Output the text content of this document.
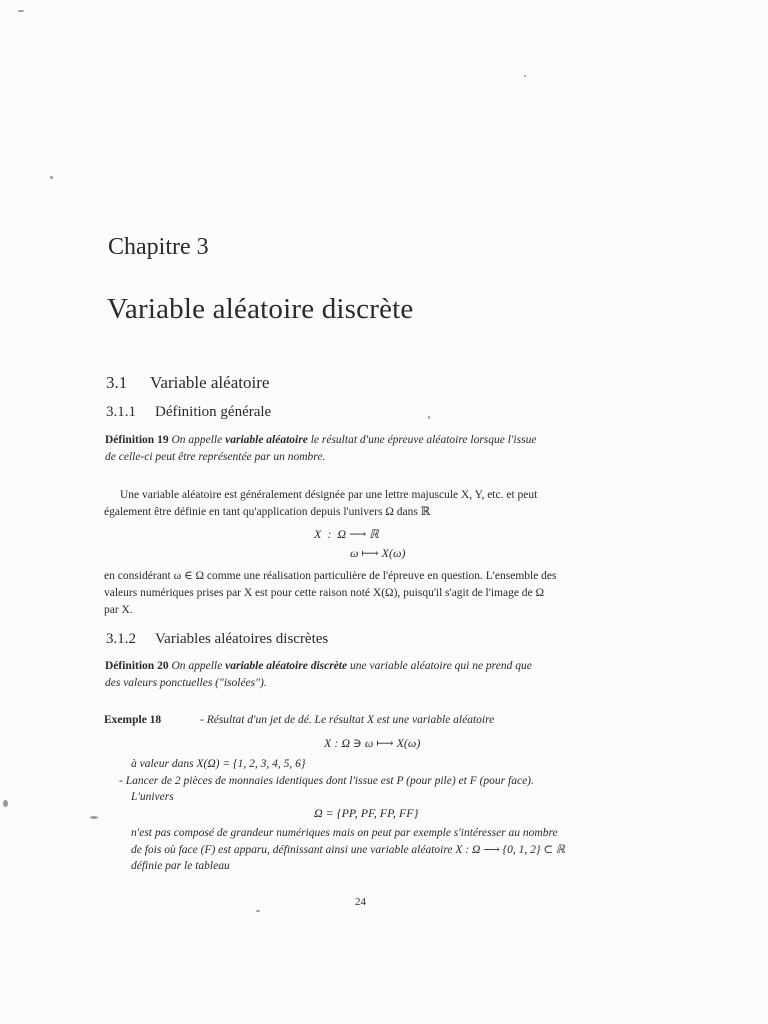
Chapitre 3
Variable aléatoire discrète
3.1 Variable aléatoire
3.1.1 Définition générale
Définition 19 On appelle variable aléatoire le résultat d'une épreuve aléatoire lorsque l'issue
de celle-ci peut être représentée par un nombre.
Une variable aléatoire est généralement désignée par une lettre majuscule X, Y, etc. et peut
également être définie en tant qu'application depuis l'univers Ω dans ℝ
X  :  Ω ⟶ ℝ
ω ⟼ X(ω)
en considérant ω ∈ Ω comme une réalisation particulière de l'épreuve en question. L'ensemble des
valeurs numériques prises par X est pour cette raison noté X(Ω), puisqu'il s'agit de l'image de Ω
par X.
3.1.2 Variables aléatoires discrètes
Définition 20 On appelle variable aléatoire discrète une variable aléatoire qui ne prend que
des valeurs ponctuelles ("isolées").
Exemple 18	- Résultat d'un jet de dé. Le résultat X est une variable aléatoire
X : Ω ∋ ω ⟼ X(ω)
à valeur dans X(Ω) = {1, 2, 3, 4, 5, 6}
- Lancer de 2 pièces de monnaies identiques dont l'issue est P (pour pile) et F (pour face).
L'univers
Ω = {PP, PF, FP, FF}
n'est pas composé de grandeur numériques mais on peut par exemple s'intéresser au nombre
de fois où face (F) est apparu, définissant ainsi une variable aléatoire X : Ω ⟶ {0, 1, 2} ⊂ ℝ
définie par le tableau
24
